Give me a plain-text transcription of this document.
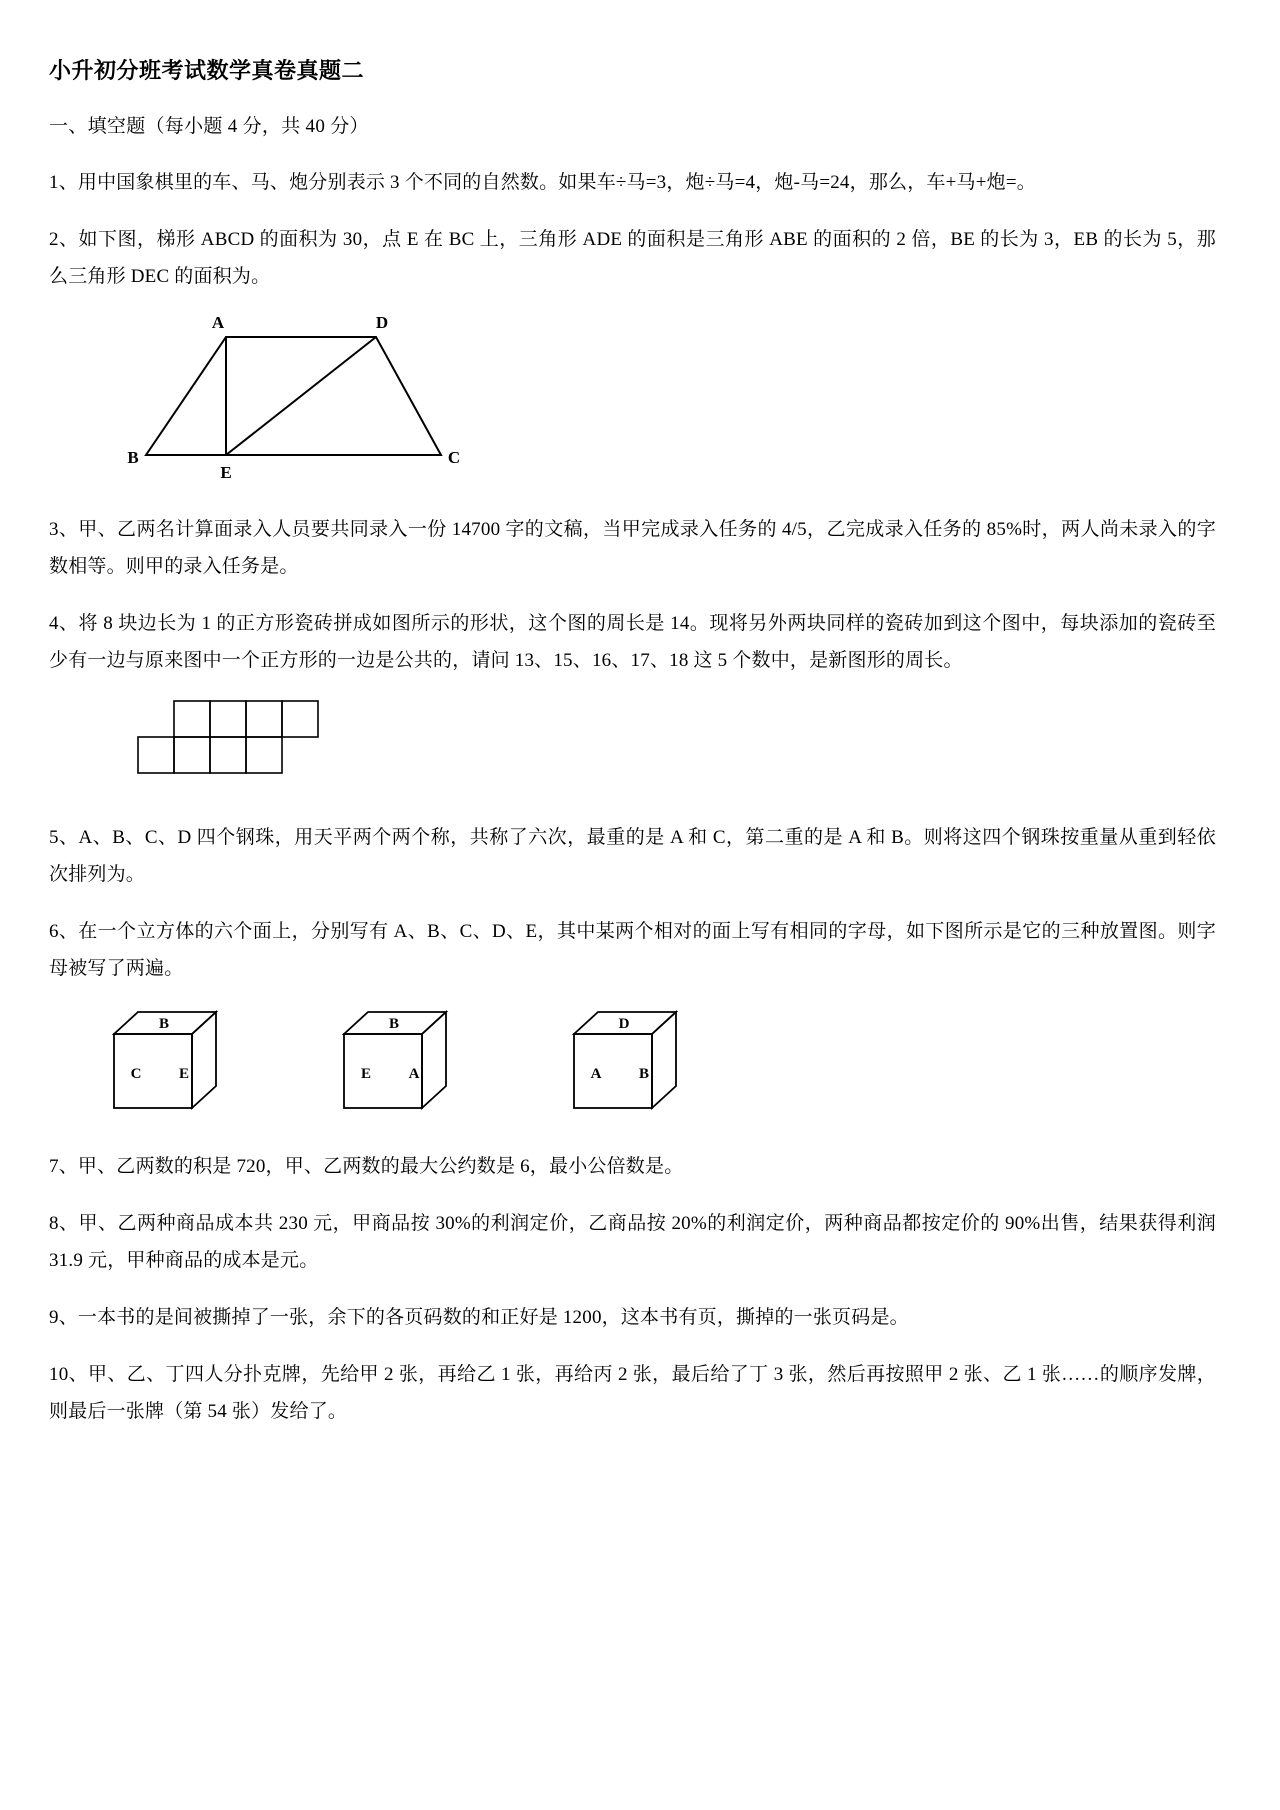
小升初分班考试数学真卷真题二
一、填空题（每小题 4 分，共 40 分）

1、用中国象棋里的车、马、炮分别表示 3 个不同的自然数。如果车÷马=3，炮÷马=4，炮-马=24，那么，车+马+炮=。

2、如下图，梯形 ABCD 的面积为 30，点 E 在 BC 上，三角形 ADE 的面积是三角形 ABE 的面积的 2 倍，BE 的长为 3，EB 的长为 5，那么三角形 DEC 的面积为。

A	D
B	C
E

3、甲、乙两名计算面录入人员要共同录入一份 14700 字的文稿，当甲完成录入任务的 4/5，乙完成录入任务的 85%时，两人尚未录入的字数相等。则甲的录入任务是。

4、将 8 块边长为 1 的正方形瓷砖拼成如图所示的形状，这个图的周长是 14。现将另外两块同样的瓷砖加到这个图中，每块添加的瓷砖至少有一边与原来图中一个正方形的一边是公共的，请问 13、15、16、17、18 这 5 个数中，是新图形的周长。

5、A、B、C、D 四个钢珠，用天平两个两个称，共称了六次，最重的是 A 和 C，第二重的是 A 和 B。则将这四个钢珠按重量从重到轻依次排列为。

6、在一个立方体的六个面上，分别写有 A、B、C、D、E，其中某两个相对的面上写有相同的字母，如下图所示是它的三种放置图。则字母被写了两遍。

B
C	E
B
E	A
D
A	B

7、甲、乙两数的积是 720，甲、乙两数的最大公约数是 6，最小公倍数是。

8、甲、乙两种商品成本共 230 元，甲商品按 30%的利润定价，乙商品按 20%的利润定价，两种商品都按定价的 90%出售，结果获得利润 31.9 元，甲种商品的成本是元。

9、一本书的是间被撕掉了一张，余下的各页码数的和正好是 1200，这本书有页，撕掉的一张页码是。

10、甲、乙、丁四人分扑克牌，先给甲 2 张，再给乙 1 张，再给丙 2 张，最后给了丁 3 张，然后再按照甲 2 张、乙 1 张……的顺序发牌，则最后一张牌（第 54 张）发给了。
